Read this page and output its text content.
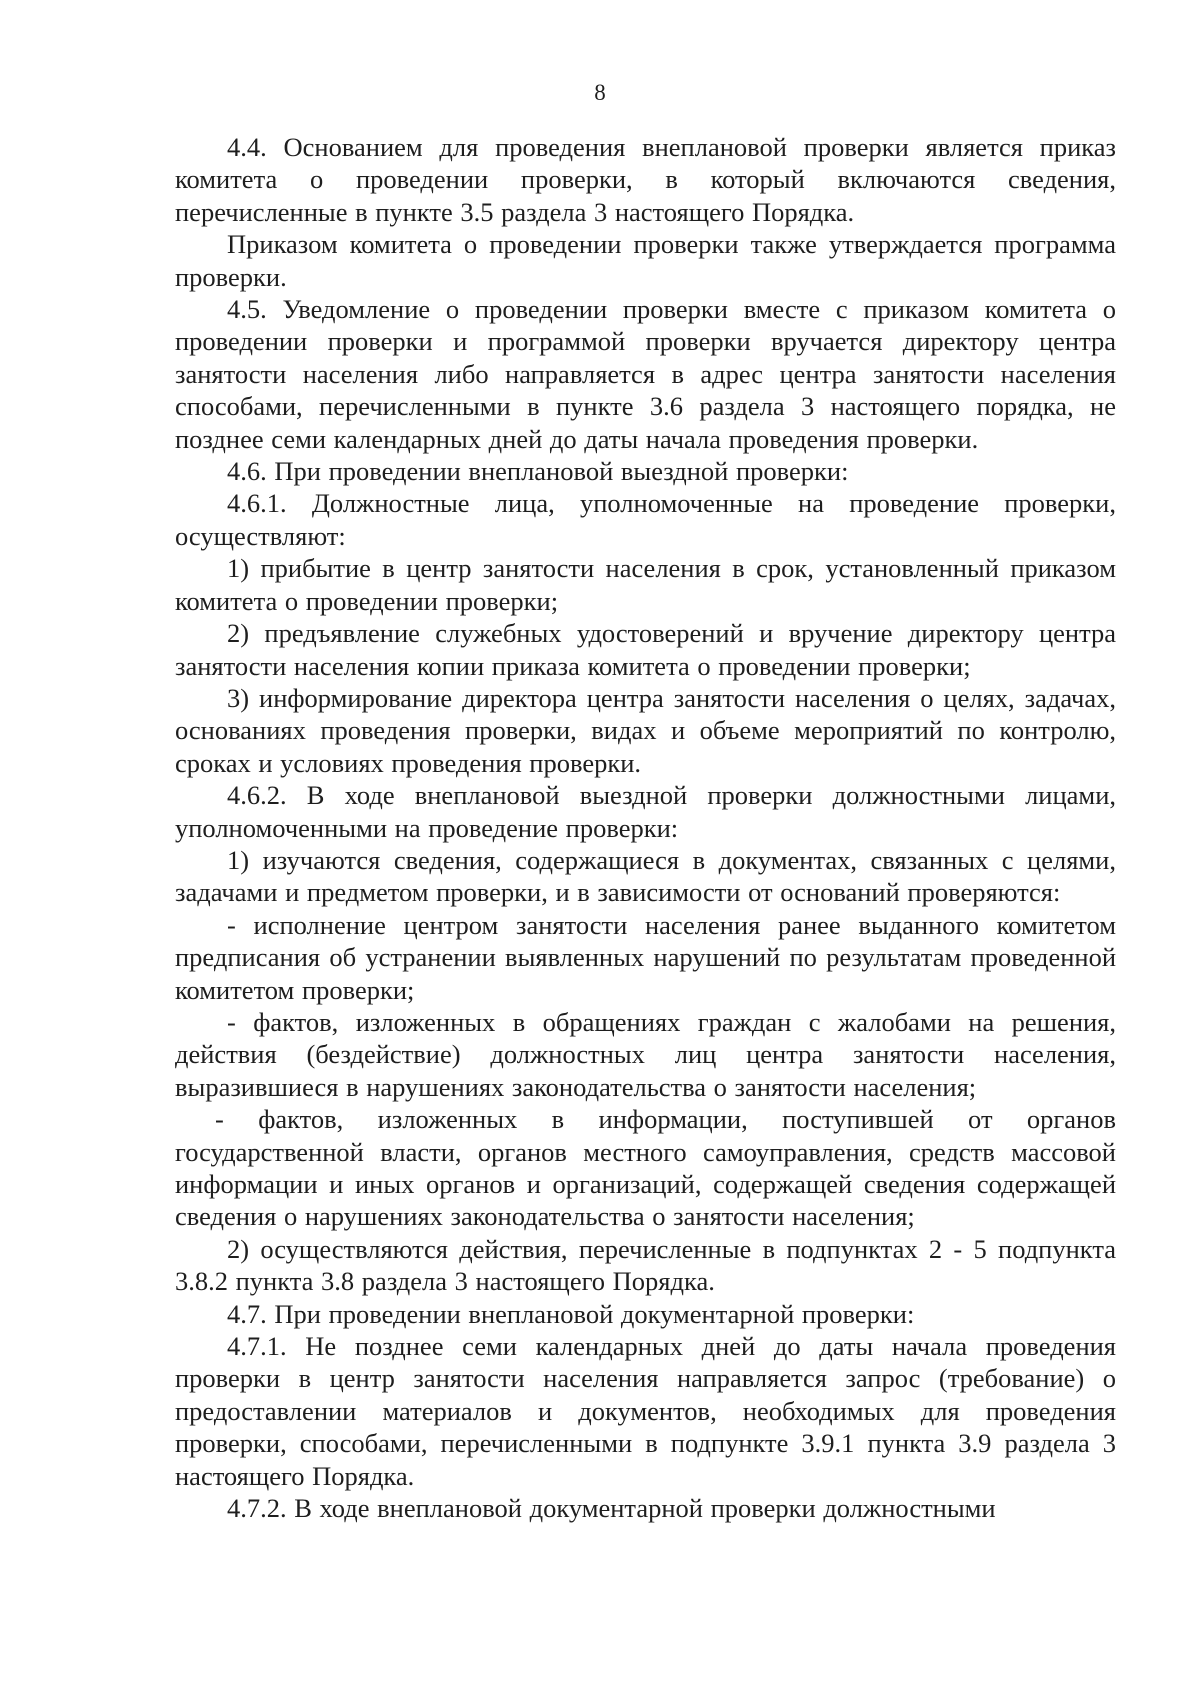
8

4.4. Основанием для проведения внеплановой проверки является приказ комитета о проведении проверки, в который включаются сведения, перечисленные в пункте 3.5 раздела 3 настоящего Порядка.

Приказом комитета о проведении проверки также утверждается программа проверки.

4.5. Уведомление о проведении проверки вместе с приказом комитета о проведении проверки и программой проверки вручается директору центра занятости населения либо направляется в адрес центра занятости населения способами, перечисленными в пункте 3.6 раздела 3 настоящего порядка, не позднее семи календарных дней до даты начала проведения проверки.

4.6. При проведении внеплановой выездной проверки:

4.6.1. Должностные лица, уполномоченные на проведение проверки, осуществляют:

1) прибытие в центр занятости населения в срок, установленный приказом комитета о проведении проверки;

2) предъявление служебных удостоверений и вручение директору центра занятости населения копии приказа комитета о проведении проверки;

3) информирование директора центра занятости населения о целях, задачах, основаниях проведения проверки, видах и объеме мероприятий по контролю, сроках и условиях проведения проверки.

4.6.2. В ходе внеплановой выездной проверки должностными лицами, уполномоченными на проведение проверки:

1) изучаются сведения, содержащиеся в документах, связанных с целями, задачами и предметом проверки, и в зависимости от оснований проверяются:

- исполнение центром занятости населения ранее выданного комитетом предписания об устранении выявленных нарушений по результатам проведенной комитетом проверки;

- фактов, изложенных в обращениях граждан с жалобами на решения, действия (бездействие) должностных лиц центра занятости населения, выразившиеся в нарушениях законодательства о занятости населения;

- фактов, изложенных в информации, поступившей от органов государственной власти, органов местного самоуправления, средств массовой информации и иных органов и организаций, содержащей сведения содержащей сведения о нарушениях законодательства о занятости населения;

2) осуществляются действия, перечисленные в подпунктах 2 - 5 подпункта 3.8.2 пункта 3.8 раздела 3 настоящего Порядка.

4.7. При проведении внеплановой документарной проверки:

4.7.1. Не позднее семи календарных дней до даты начала проведения проверки в центр занятости населения направляется запрос (требование) о предоставлении материалов и документов, необходимых для проведения проверки, способами, перечисленными в подпункте 3.9.1 пункта 3.9 раздела 3 настоящего Порядка.

4.7.2. В ходе внеплановой документарной проверки должностными
